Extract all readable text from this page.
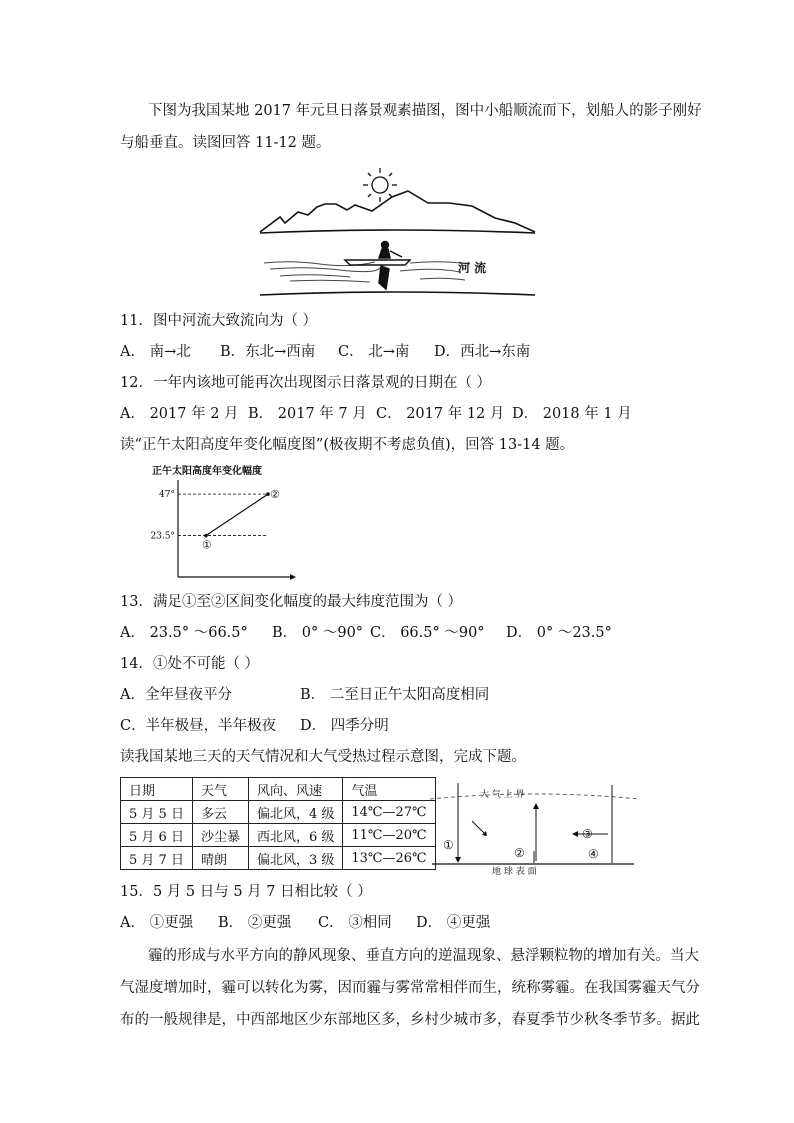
下图为我国某地 2017 年元旦日落景观素描图，图中小船顺流而下，划船人的影子刚好
与船垂直。读图回答 11-12 题。
河 流
11．图中河流大致流向为（ ）
A． 南→北 B．东北→西南 C． 北→南 D．西北→东南
12．一年内该地可能再次出现图示日落景观的日期在（ ）
A． 2017 年 2 月 B． 2017 年 7 月 C． 2017 年 12 月 D． 2018 年 1 月
读“正午太阳高度年变化幅度图”(极夜期不考虑负值)，回答 13-14 题。
正午太阳高度年变化幅度
47°
23.5°
①
②
13．满足①至②区间变化幅度的最大纬度范围为（ ）
A． 23.5° ～66.5° B． 0° ～90° C． 66.5° ～90° D． 0° ～23.5°
14．①处不可能（ ）
A．全年昼夜平分	B． 二至日正午太阳高度相同
C．半年极昼，半年极夜 D． 四季分明
读我国某地三天的天气情况和大气受热过程示意图，完成下题。
日期	天气	风向、风速	气温
5 月 5 日	多云	偏北风，4 级	14℃—27℃
5 月 6 日	沙尘暴	西北风，6 级	11℃—20℃
5 月 7 日	晴朗	偏北风，3 级	13℃—26℃
大 气 上 界
地 球 表 面
①
②
③
④
15．5 月 5 日与 5 月 7 日相比较（ ）
A． ①更强 B． ②更强 C． ③相同 D． ④更强
霾的形成与水平方向的静风现象、垂直方向的逆温现象、悬浮颗粒物的增加有关。当大
气湿度增加时，霾可以转化为雾，因而霾与雾常常相伴而生，统称雾霾。在我国雾霾天气分
布的一般规律是，中西部地区少东部地区多，乡村少城市多，春夏季节少秋冬季节多。据此
